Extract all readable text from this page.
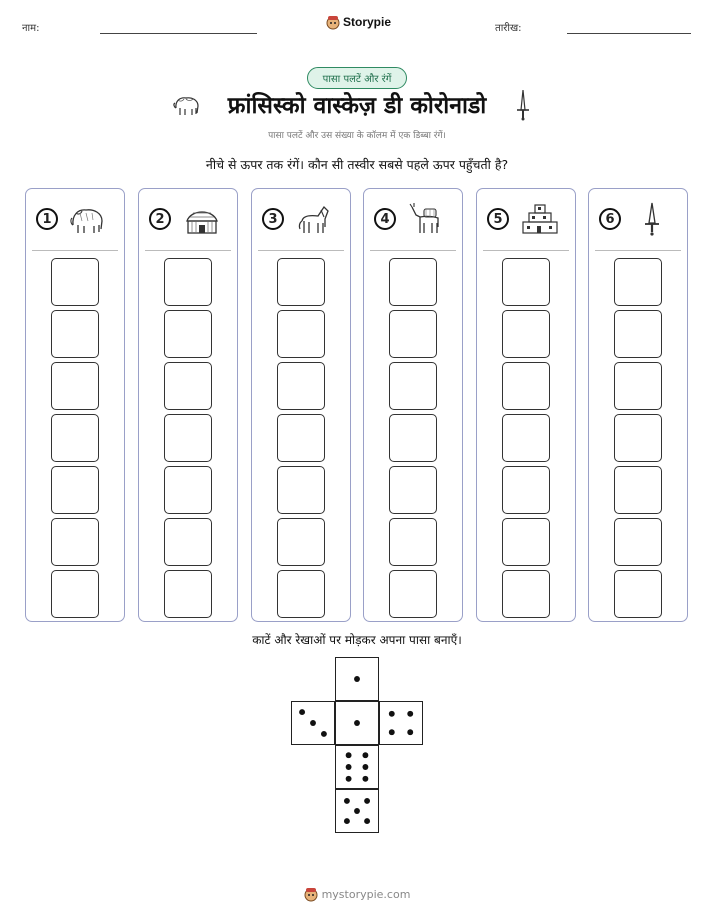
नाम:	Storypie	तारीख:
पासा पलटें और रंगें
फ्रांसिस्को वास्केज़ डी कोरोनाडो
पासा पलटें और उस संख्या के कॉलम में एक डिब्बा रंगें।
नीचे से ऊपर तक रंगें। कौन सी तस्वीर सबसे पहले ऊपर पहुँचती है?
1	2	3	4	5	6
काटें और रेखाओं पर मोड़कर अपना पासा बनाएँ।
mystorypie.com
